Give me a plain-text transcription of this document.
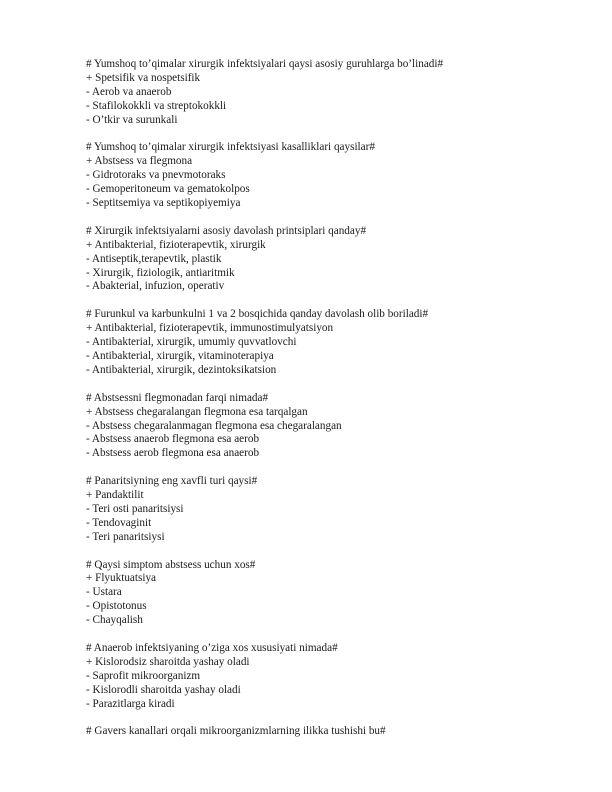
# Yumshoq to’qimalar xirurgik infektsiyalari qaysi asosiy guruhlarga bo’linadi#
+ Spetsifik va nospetsifik
- Aerob va anaerob
- Stafilokokkli va streptokokkli
- O’tkir va surunkali
# Yumshoq to’qimalar xirurgik infektsiyasi kasalliklari qaysilar#
+ Abstsess va flegmona
- Gidrotoraks va pnevmotoraks
- Gemoperitoneum va gematokolpos
- Septitsemiya va septikopiyemiya
# Xirurgik infektsiyalarni asosiy davolash printsiplari qanday#
+ Antibakterial, fizioterapevtik, xirurgik
- Antiseptik,terapevtik, plastik
- Xirurgik, fiziologik, antiaritmik
- Abakterial, infuzion, operativ
# Furunkul va karbunkulni 1 va 2 bosqichida qanday davolash olib boriladi#
+ Antibakterial, fizioterapevtik, immunostimulyatsiyon
- Antibakterial, xirurgik, umumiy quvvatlovchi
- Antibakterial, xirurgik, vitaminoterapiya
- Antibakterial, xirurgik, dezintoksikatsion
# Abstsessni flegmonadan farqi nimada#
+ Abstsess chegaralangan flegmona esa tarqalgan
- Abstsess chegaralanmagan flegmona esa chegaralangan
- Abstsess anaerob flegmona esa aerob
- Abstsess aerob flegmona esa anaerob
# Panaritsiyning eng xavfli turi qaysi#
+ Pandaktilit
- Teri osti panaritsiysi
- Tendovaginit
- Teri panaritsiysi
# Qaysi simptom abstsess uchun xos#
+ Flyuktuatsiya
- Ustara
- Opistotonus
- Chayqalish
# Anaerob infektsiyaning o’ziga xos xususiyati nimada#
+ Kislorodsiz sharoitda yashay oladi
- Saprofit mikroorganizm
- Kislorodli sharoitda yashay oladi
- Parazitlarga kiradi
# Gavers kanallari orqali mikroorganizmlarning ilikka tushishi bu#
